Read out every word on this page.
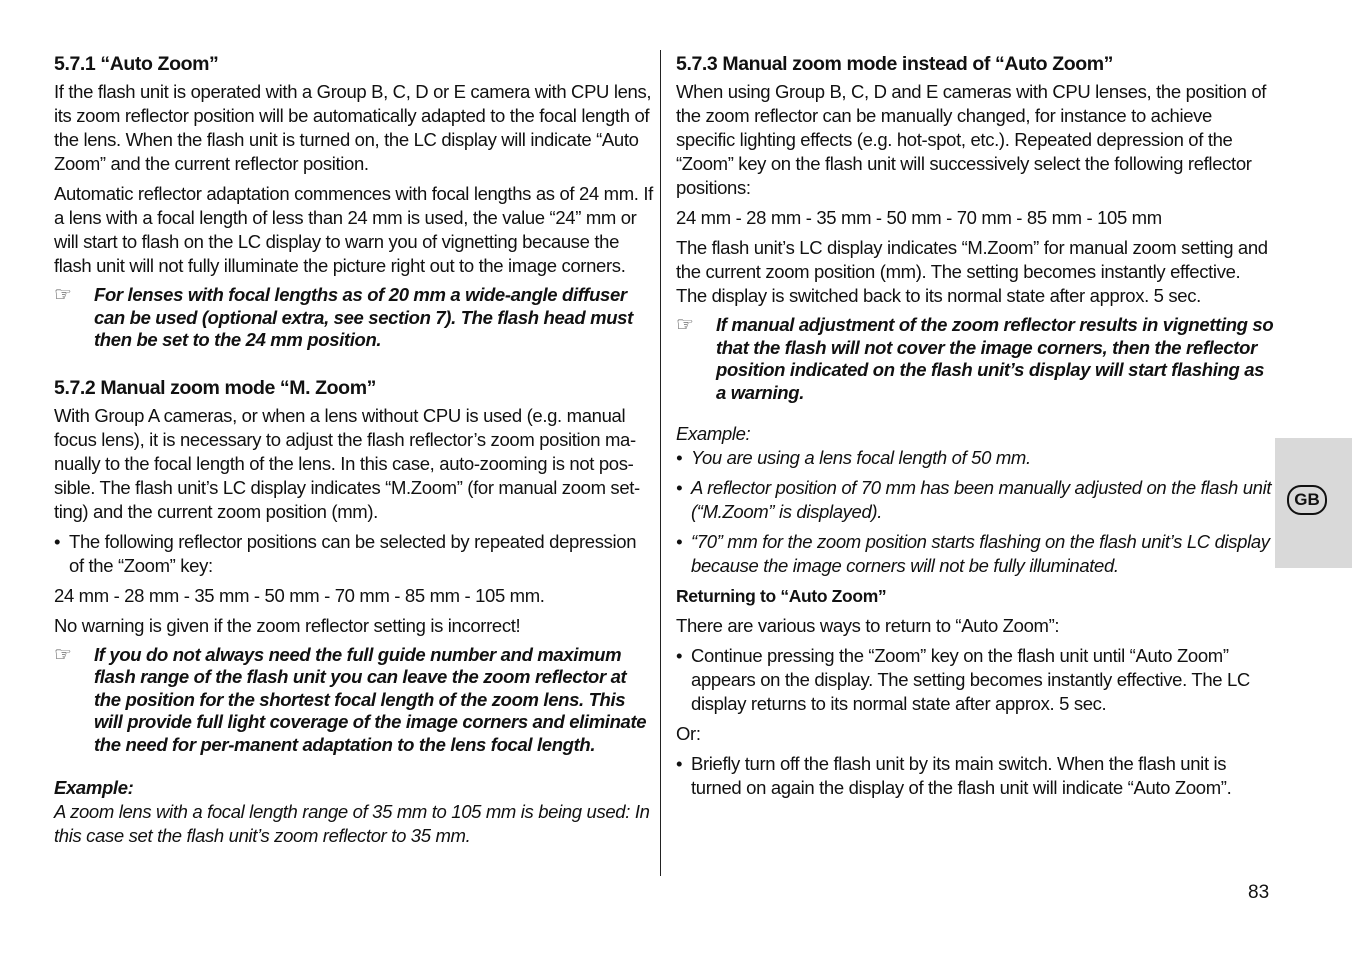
5.7.1 “Auto Zoom”

If the flash unit is operated with a Group B, C, D or E camera with CPU lens, its zoom reflector position will be automatically adapted to the focal length of the lens. When the flash unit is turned on, the LC display will indicate “Auto Zoom” and the current reflector position.

Automatic reflector adaptation commences with focal lengths as of 24 mm. If a lens with a focal length of less than 24 mm is used, the value “24” mm or will start to flash on the LC display to warn you of vignetting because the flash unit will not fully illuminate the picture right out to the image corners.

☞	For lenses with focal lengths as of 20 mm a wide-angle diffuser can be used (optional extra, see section 7). The flash head must then be set to the 24 mm position.
5.7.2 Manual zoom mode “M. Zoom”

With Group A cameras, or when a lens without CPU is used (e.g. manual focus lens), it is necessary to adjust the flash reflector’s zoom position ma-nually to the focal length of the lens. In this case, auto-zooming is not pos-sible. The flash unit’s LC display indicates “M.Zoom” (for manual zoom set-ting) and the current zoom position (mm).

• The following reflector positions can be selected by repeated depression of the “Zoom” key:

24 mm - 28 mm - 35 mm - 50 mm - 70 mm - 85 mm - 105 mm.

No warning is given if the zoom reflector setting is incorrect!

☞	If you do not always need the full guide number and maximum flash range of the flash unit you can leave the zoom reflector at the position for the shortest focal length of the zoom lens. This will provide full light coverage of the image corners and eliminate the need for per-manent adaptation to the lens focal length.

Example:

A zoom lens with a focal length range of 35 mm to 105 mm is being used: In this case set the flash unit’s zoom reflector to 35 mm.

5.7.3 Manual zoom mode instead of “Auto Zoom”

When using Group B, C, D and E cameras with CPU lenses, the position of the zoom reflector can be manually changed, for instance to achieve specific lighting effects (e.g. hot-spot, etc.). Repeated depression of the “Zoom” key on the flash unit will successively select the following reflector positions:

24 mm - 28 mm - 35 mm - 50 mm - 70 mm - 85 mm - 105 mm

The flash unit’s LC display indicates “M.Zoom” for manual zoom setting and the current zoom position (mm). The setting becomes instantly effective. The display is switched back to its normal state after approx. 5 sec.

☞	If manual adjustment of the zoom reflector results in vignetting so that the flash will not cover the image corners, then the reflector position indicated on the flash unit’s display will start flashing as a warning.

Example:

• You are using a lens focal length of 50 mm.
• A reflector position of 70 mm has been manually adjusted on the flash unit (“M.Zoom” is displayed).
• “70” mm for the zoom position starts flashing on the flash unit’s LC display because the image corners will not be fully illuminated.

Returning to “Auto Zoom”

There are various ways to return to “Auto Zoom”:

• Continue pressing the “Zoom” key on the flash unit until “Auto Zoom” appears on the display. The setting becomes instantly effective. The LC display returns to its normal state after approx. 5 sec.

Or:

• Briefly turn off the flash unit by its main switch. When the flash unit is turned on again the display of the flash unit will indicate “Auto Zoom”.
GB
83
